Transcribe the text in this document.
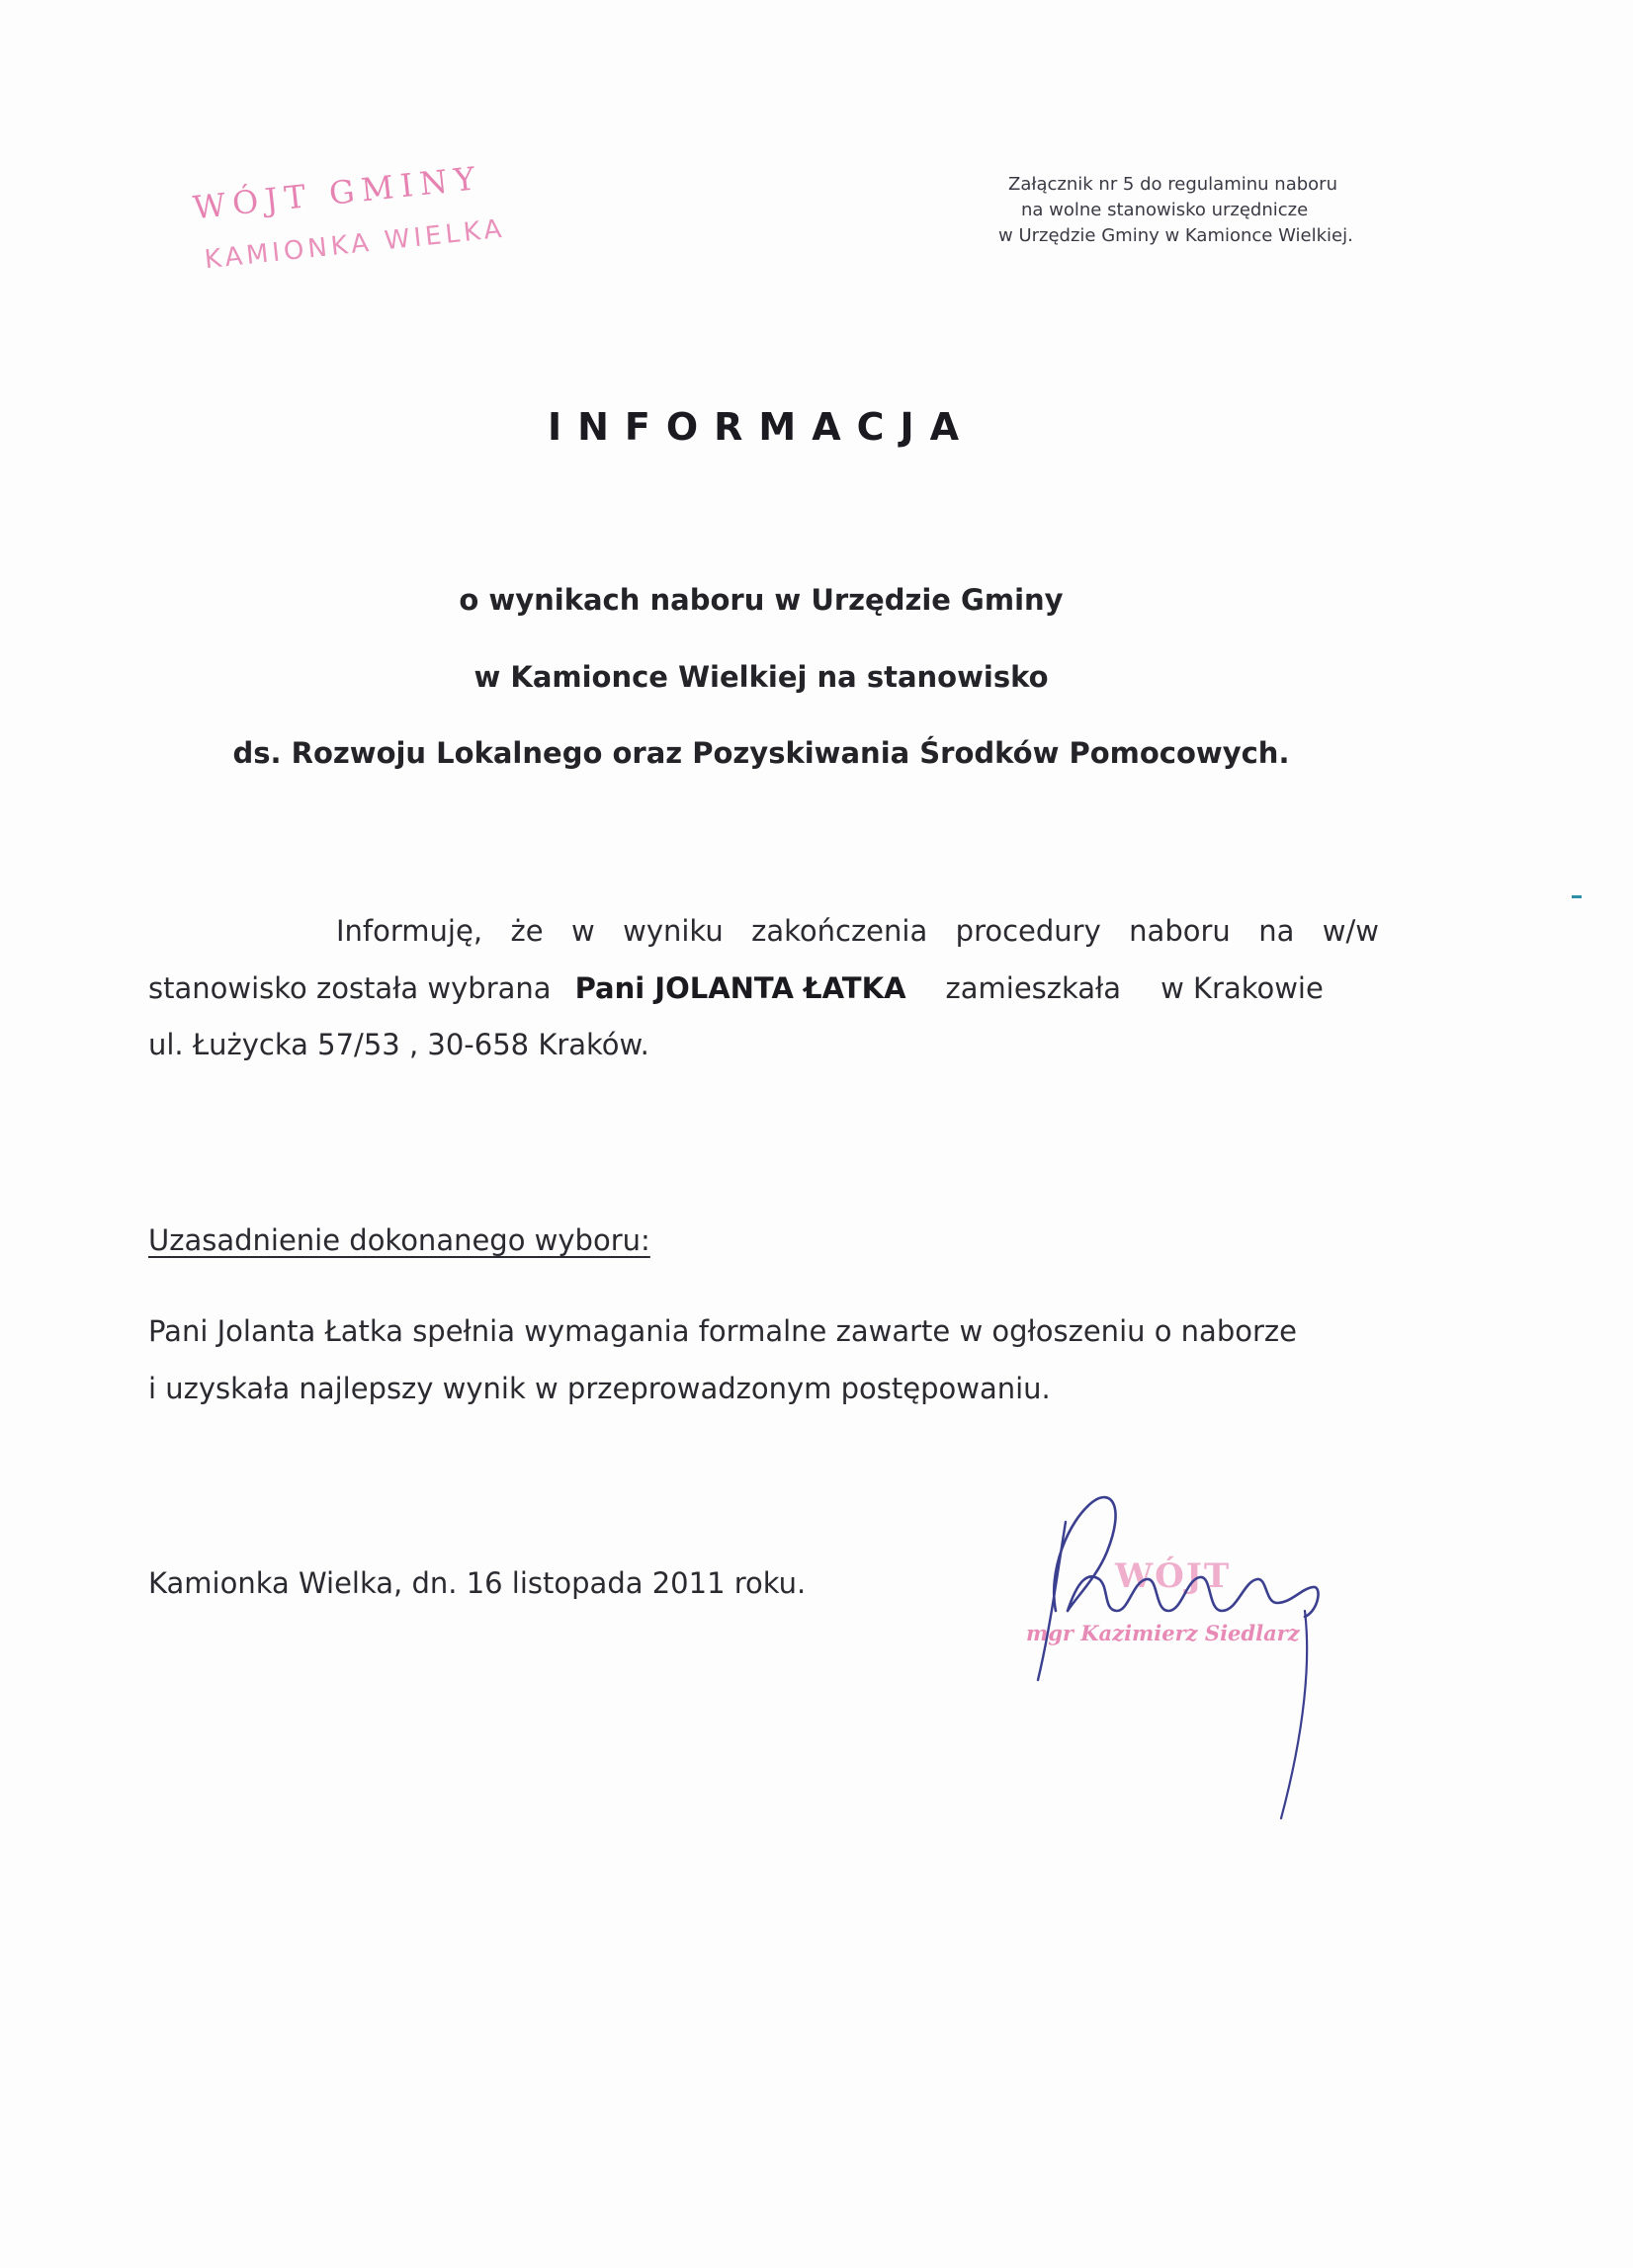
WÓJT GMINY
KAMIONKA WIELKA
Załącznik nr 5 do regulaminu naboru
na wolne stanowisko urzędnicze
w Urzędzie Gminy w Kamionce Wielkiej.
INFORMACJA
o wynikach naboru w Urzędzie Gminy
w Kamionce Wielkiej na stanowisko
ds. Rozwoju Lokalnego oraz Pozyskiwania Środków Pomocowych.
Informuję, że w wyniku zakończenia procedury naboru na w/w
stanowisko została wybrana Pani JOLANTA ŁATKA zamieszkała w Krakowie
ul. Łużycka 57/53 , 30-658 Kraków.
Uzasadnienie dokonanego wyboru:
Pani Jolanta Łatka spełnia wymagania formalne zawarte w ogłoszeniu o naborze
i uzyskała najlepszy wynik w przeprowadzonym postępowaniu.
Kamionka Wielka, dn. 16 listopada 2011 roku.	WÓJT
mgr Kazimierz Siedlarz
